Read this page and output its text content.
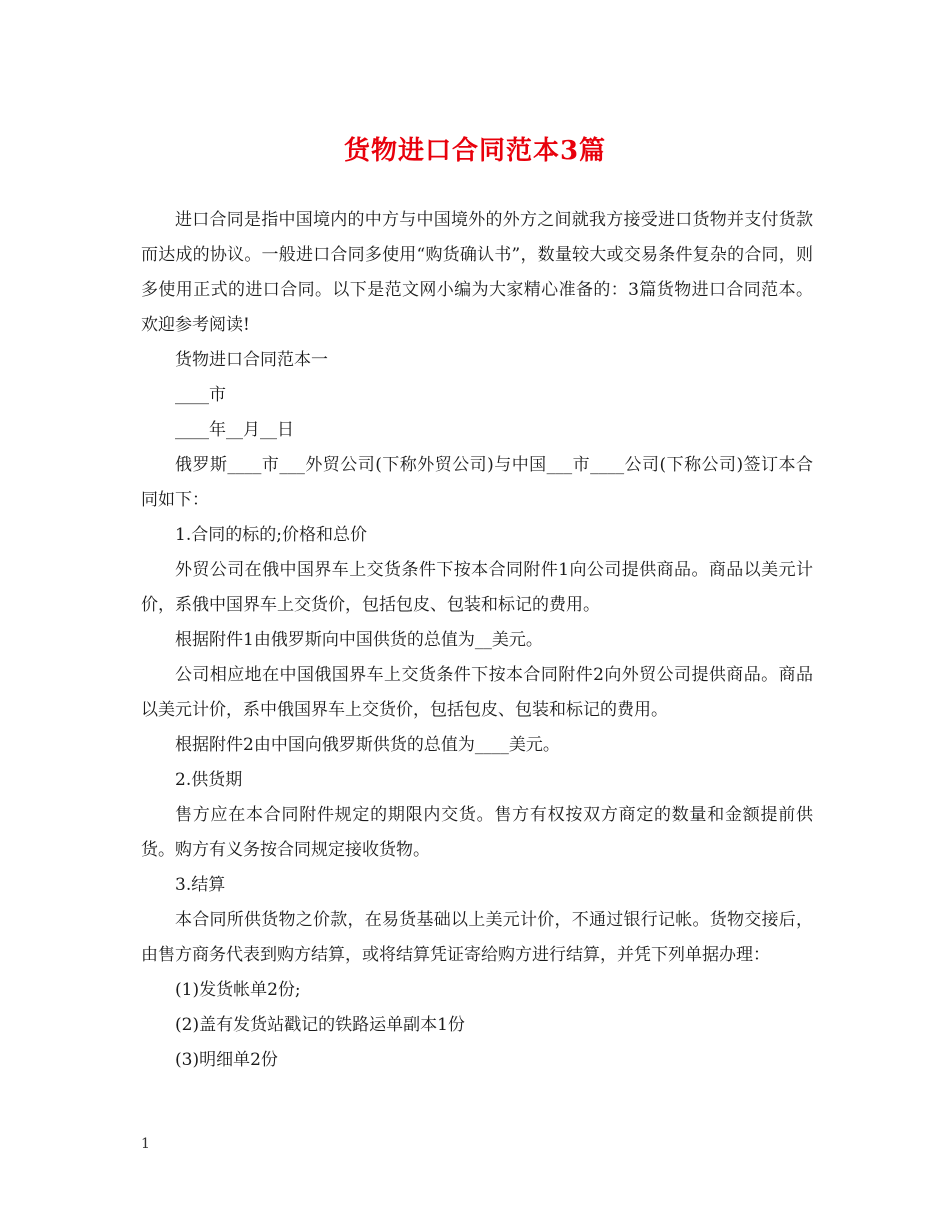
货物进口合同范本3篇

进口合同是指中国境内的中方与中国境外的外方之间就我方接受进口货物并支付货款而达成的协议。一般进口合同多使用“购货确认书”，数量较大或交易条件复杂的合同，则多使用正式的进口合同。以下是范文网小编为大家精心准备的：3篇货物进口合同范本。欢迎参考阅读!

货物进口合同范本一

____市

____年__月__日

俄罗斯____市___外贸公司(下称外贸公司)与中国___市____公司(下称公司)签订本合同如下：

1.合同的标的;价格和总价

外贸公司在俄中国界车上交货条件下按本合同附件1向公司提供商品。商品以美元计价，系俄中国界车上交货价，包括包皮、包装和标记的费用。

根据附件1由俄罗斯向中国供货的总值为__美元。

公司相应地在中国俄国界车上交货条件下按本合同附件2向外贸公司提供商品。商品以美元计价，系中俄国界车上交货价，包括包皮、包装和标记的费用。

根据附件2由中国向俄罗斯供货的总值为____美元。

2.供货期

售方应在本合同附件规定的期限内交货。售方有权按双方商定的数量和金额提前供货。购方有义务按合同规定接收货物。

3.结算

本合同所供货物之价款，在易货基础以上美元计价，不通过银行记帐。货物交接后，由售方商务代表到购方结算，或将结算凭证寄给购方进行结算，并凭下列单据办理：

(1)发货帐单2份;

(2)盖有发货站戳记的铁路运单副本1份

(3)明细单2份

1
